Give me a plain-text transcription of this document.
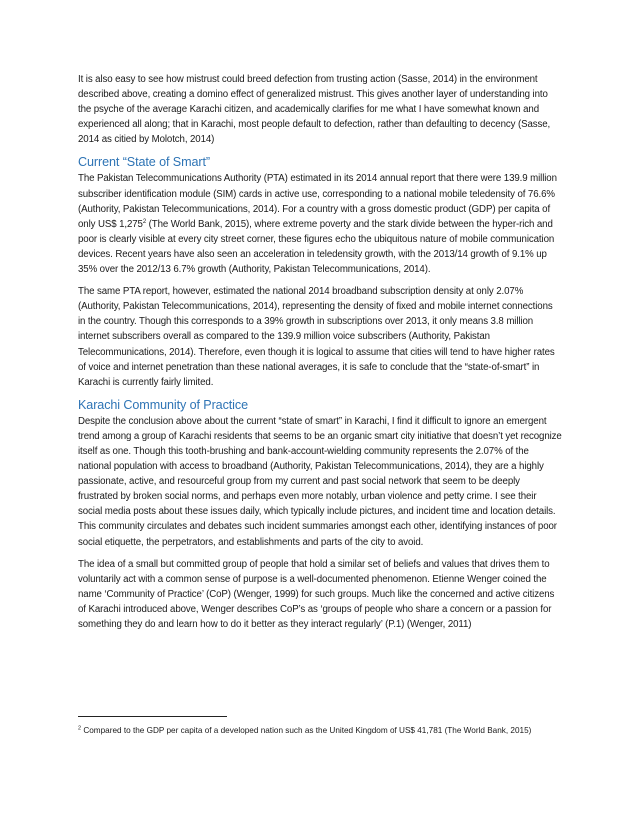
It is also easy to see how mistrust could breed defection from trusting action (Sasse, 2014) in the environment described above, creating a domino effect of generalized mistrust. This gives another layer of understanding into the psyche of the average Karachi citizen, and academically clarifies for me what I have somewhat known and experienced all along; that in Karachi, most people default to defection, rather than defaulting to decency (Sasse, 2014 as citied by Molotch, 2014)

Current “State of Smart”

The Pakistan Telecommunications Authority (PTA) estimated in its 2014 annual report that there were 139.9 million subscriber identification module (SIM) cards in active use, corresponding to a national mobile teledensity of 76.6% (Authority, Pakistan Telecommunications, 2014). For a country with a gross domestic product (GDP) per capita of only US$ 1,275$^2$ (The World Bank, 2015), where extreme poverty and the stark divide between the hyper-rich and poor is clearly visible at every city street corner, these figures echo the ubiquitous nature of mobile communication devices. Recent years have also seen an acceleration in teledensity growth, with the 2013/14 growth of 9.1% up 35% over the 2012/13 6.7% growth (Authority, Pakistan Telecommunications, 2014).

The same PTA report, however, estimated the national 2014 broadband subscription density at only 2.07% (Authority, Pakistan Telecommunications, 2014), representing the density of fixed and mobile internet connections in the country. Though this corresponds to a 39% growth in subscriptions over 2013, it only means 3.8 million internet subscribers overall as compared to the 139.9 million voice subscribers (Authority, Pakistan Telecommunications, 2014). Therefore, even though it is logical to assume that cities will tend to have higher rates of voice and internet penetration than these national averages, it is safe to conclude that the “state-of-smart” in Karachi is currently fairly limited.

Karachi Community of Practice

Despite the conclusion above about the current “state of smart” in Karachi, I find it difficult to ignore an emergent trend among a group of Karachi residents that seems to be an organic smart city initiative that doesn’t yet recognize itself as one. Though this tooth-brushing and bank-account-wielding community represents the 2.07% of the national population with access to broadband (Authority, Pakistan Telecommunications, 2014), they are a highly passionate, active, and resourceful group from my current and past social network that seem to be deeply frustrated by broken social norms, and perhaps even more notably, urban violence and petty crime. I see their social media posts about these issues daily, which typically include pictures, and incident time and location details. This community circulates and debates such incident summaries amongst each other, identifying instances of poor social etiquette, the perpetrators, and establishments and parts of the city to avoid.

The idea of a small but committed group of people that hold a similar set of beliefs and values that drives them to voluntarily act with a common sense of purpose is a well-documented phenomenon. Etienne Wenger coined the name ‘Community of Practice’ (CoP) (Wenger, 1999) for such groups. Much like the concerned and active citizens of Karachi introduced above, Wenger describes CoP’s as ‘groups of people who share a concern or a passion for something they do and learn how to do it better as they interact regularly’ (P.1) (Wenger, 2011)

$^2$ Compared to the GDP per capita of a developed nation such as the United Kingdom of US$ 41,781 (The World Bank, 2015)
